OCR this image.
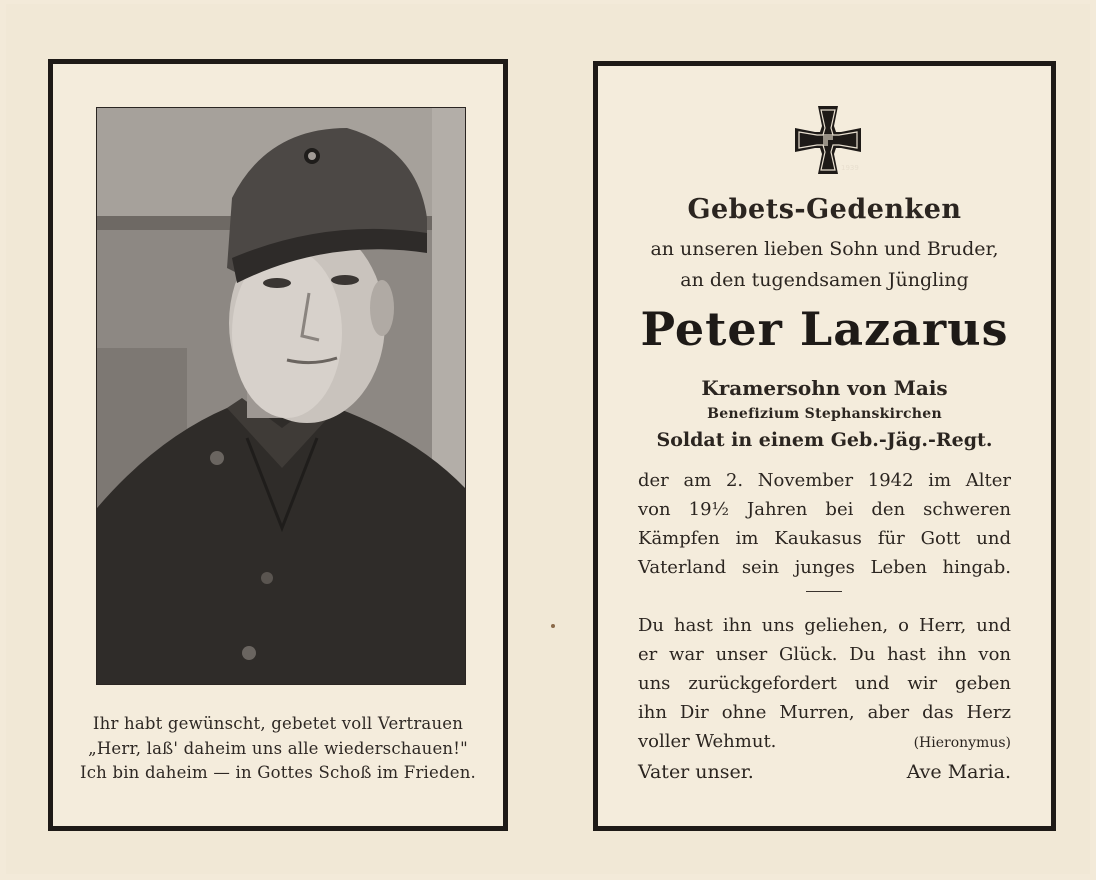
Ihr habt gewünscht, gebetet voll Vertrauen
„Herr, laß' daheim uns alle wiederschauen!"
Ich bin daheim — in Gottes Schoß im Frieden.
1939
Gebets-Gedenken
an unseren lieben Sohn und Bruder,
an den tugendsamen Jüngling
Peter Lazarus
Kramersohn von Mais
Benefizium Stephanskirchen
Soldat in einem Geb.-Jäg.-Regt.
der am 2. November 1942 im Alter
von 19½ Jahren bei den schweren
Kämpfen im Kaukasus für Gott und
Vaterland sein junges Leben hingab.
Du hast ihn uns geliehen, o Herr, und
er war unser Glück. Du hast ihn von
uns zurückgefordert und wir geben
ihn Dir ohne Murren, aber das Herz
voller Wehmut.	(Hieronymus)
Vater unser.	Ave Maria.
